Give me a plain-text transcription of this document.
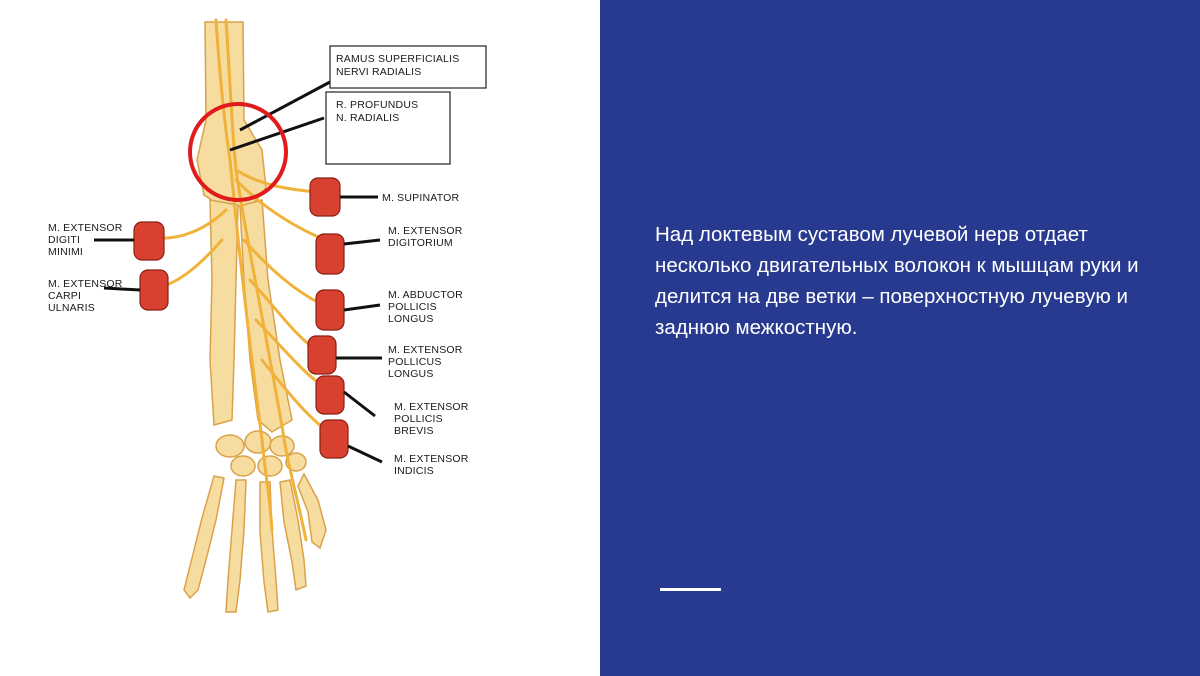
RAMUS SUPERFICIALIS
NERVI RADIALIS
R. PROFUNDUS
N. RADIALIS
M. SUPINATOR
M. EXTENSOR
DIGITORIUM
M. ABDUCTOR
POLLICIS
LONGUS
M. EXTENSOR
POLLICUS
LONGUS
M. EXTENSOR
POLLICIS
BREVIS
M. EXTENSOR
INDICIS
M. EXTENSOR
DIGITI
MINIMI
M. EXTENSOR
CARPI
ULNARIS
Над локтевым суставом лучевой нерв отдает несколько двигательных волокон к мышцам руки и делится на две ветки – поверхностную лучевую и заднюю межкостную.
